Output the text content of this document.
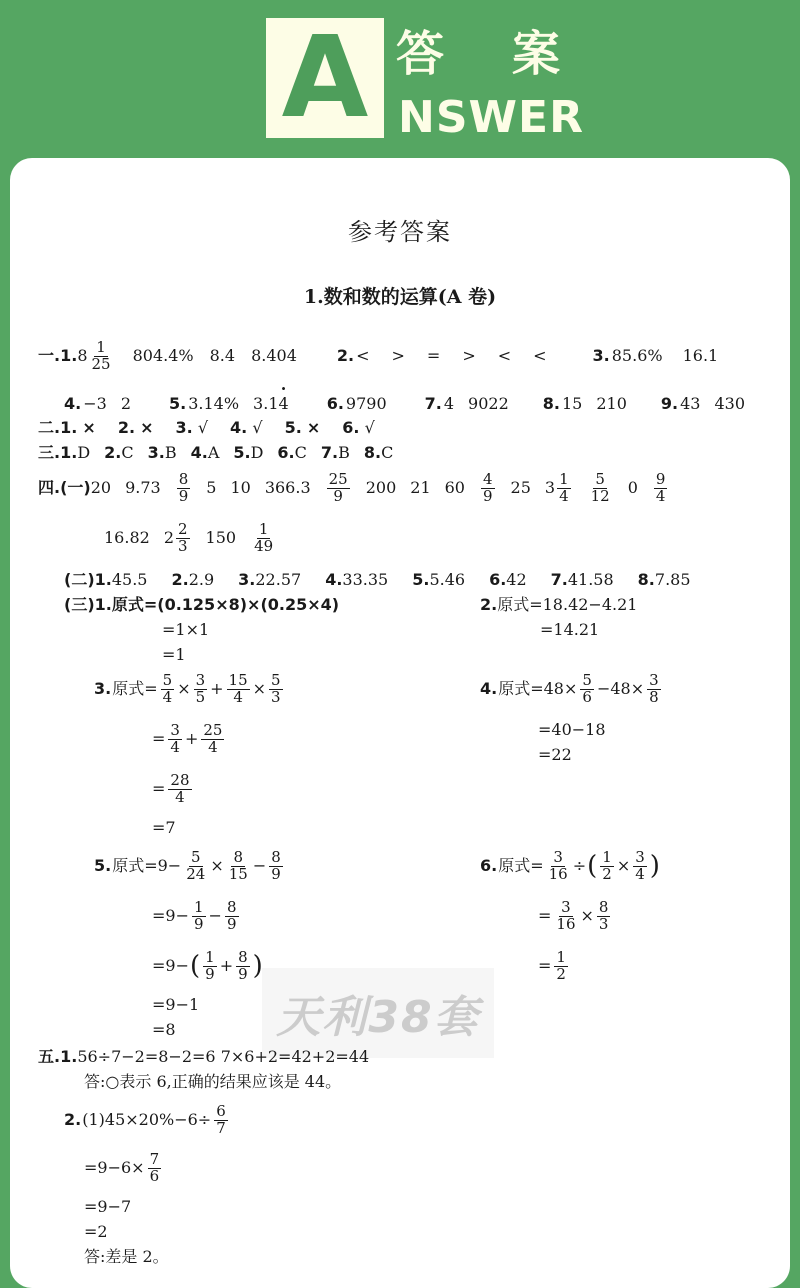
A 答案
NSWER
参考答案
1.数和数的运算(A 卷)
一$.1.8 \frac{1}{25} 804.4\%$ 8.4 8.404	2. < > = > < <	3. 85.6% 16.1
4. −3 2 5. 3.14% 3.1· 4 6. 9790 7. 4 9022 8. 15 210 9. 43 430
二.1. × 2. × 3. √ 4. √ 5. × 6. √
三.1.D 2.C 3.B 4.A 5.D 6.C 7.B 8.C
四.(一)20 $9.73 \frac{8}{9} 5$ 10 $366.3 \frac{25}{9} 200$ 21 $60 \frac{4}{9} 25$ $3 \frac{1}{4} \frac{5}{12} 0 \frac{9}{4}$
16.82 $2 \frac{2}{3} 150 \frac{1}{49}$
(二)1.45.5 2.2.9 3.22.57 4.33.35 5.5.46 6.42 7.41.58 8.7.85
(三)1.原式=(0.125×8)×(0.25×4)
=1×1
=1
2.原式=18.42−4.21
=14.21
3. 原式= $\frac{5}{4} \times \frac{3}{5} + \frac{15}{4} \times \frac{5}{3}$
= $\frac{3}{4} + \frac{25}{4}$
= $\frac{28}{4}$
=7
4. 原式$=48\times \frac{5}{6} -48\times \frac{3}{8}$
=40−18
=22
5. 原式$=9- \frac{5}{24} \times \frac{8}{15} - \frac{8}{9}$
$=9- \frac{1}{9} - \frac{8}{9}$
=9− ( $\frac{1}{9} + \frac{8}{9}$ )
=9−1
=8
6. 原式= $\frac{3}{16}$ ÷ ( $\frac{1}{2} \times \frac{3}{4}$ )
= $\frac{3}{16} \times \frac{8}{3}$
= $\frac{1}{2}$
天利38套
五.1.56÷7−2=8−2=6 7×6+2=42+2=44
答:○表示 6,正确的结果应该是 44。
2. $(1)45\times 20\%-6\div \frac{6}{7}$
$=9-6\times \frac{7}{6}$
=9−7
=2
答:差是 2。
